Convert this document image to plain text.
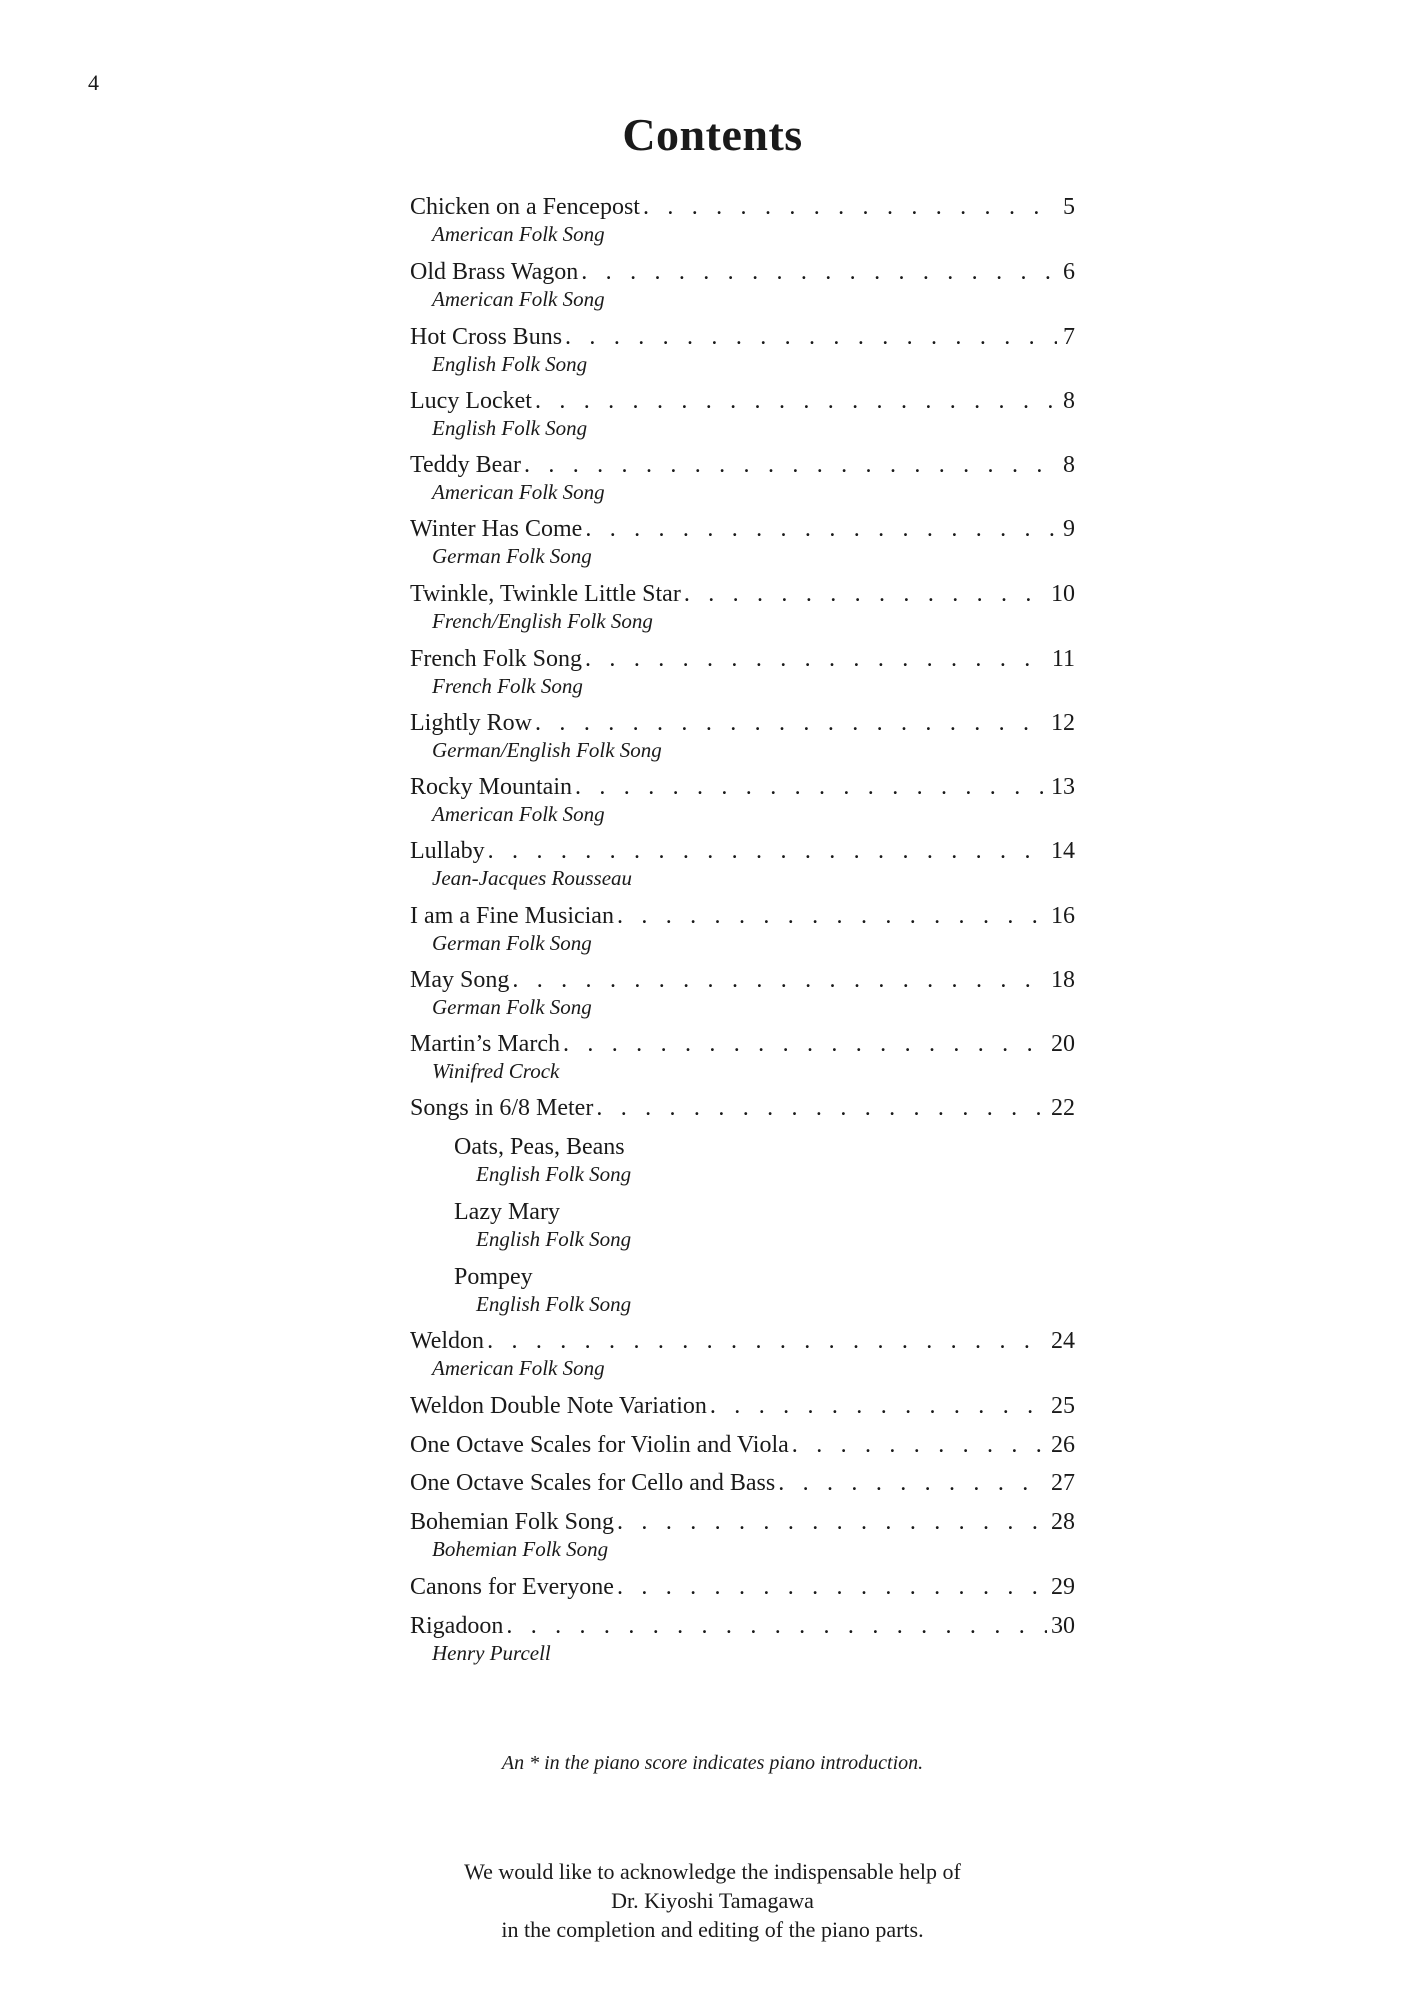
4
Contents
Chicken on a Fencepost . . .	5
American Folk Song
Old Brass Wagon . . .	6
American Folk Song
Hot Cross Buns . . .	7
English Folk Song
Lucy Locket . . .	8
English Folk Song
Teddy Bear . . .	8
American Folk Song
Winter Has Come . . .	9
German Folk Song
Twinkle, Twinkle Little Star . . .	10
French/English Folk Song
French Folk Song . . .	11
French Folk Song
Lightly Row . . .	12
German/English Folk Song
Rocky Mountain . . .	13
American Folk Song
Lullaby . . .	14
Jean-Jacques Rousseau
I am a Fine Musician . . .	16
German Folk Song
May Song . . .	18
German Folk Song
Martin’s March . . .	20
Winifred Crock
Songs in 6/8 Meter . . .	22
Oats, Peas, Beans
English Folk Song
Lazy Mary
English Folk Song
Pompey
English Folk Song
Weldon . . .	24
American Folk Song
Weldon Double Note Variation . . .	25
One Octave Scales for Violin and Viola . . .	26
One Octave Scales for Cello and Bass . . .	27
Bohemian Folk Song . . .	28
Bohemian Folk Song
Canons for Everyone . . .	29
Rigadoon . . .	30
Henry Purcell
An * in the piano score indicates piano introduction.
We would like to acknowledge the indispensable help of
Dr. Kiyoshi Tamagawa
in the completion and editing of the piano parts.
